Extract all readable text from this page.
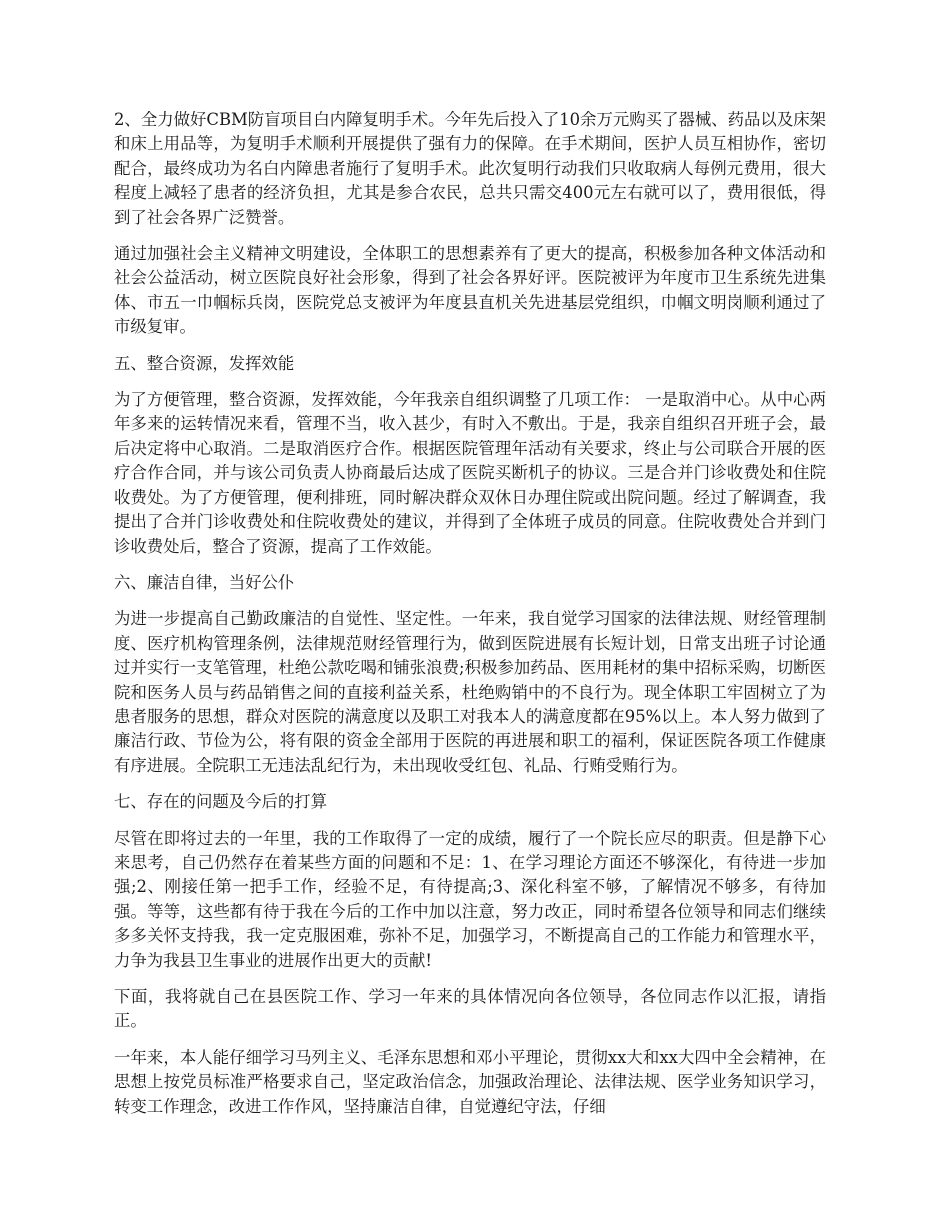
2、全力做好CBM防盲项目白内障复明手术。今年先后投入了10余万元购买了器械、药品以及床架和床上用品等，为复明手术顺利开展提供了强有力的保障。在手术期间，医护人员互相协作，密切配合，最终成功为名白内障患者施行了复明手术。此次复明行动我们只收取病人每例元费用，很大程度上减轻了患者的经济负担，尤其是参合农民，总共只需交400元左右就可以了，费用很低，得到了社会各界广泛赞誉。

通过加强社会主义精神文明建设，全体职工的思想素养有了更大的提高，积极参加各种文体活动和社会公益活动，树立医院良好社会形象，得到了社会各界好评。医院被评为年度市卫生系统先进集体、市五一巾帼标兵岗，医院党总支被评为年度县直机关先进基层党组织，巾帼文明岗顺利通过了市级复审。

五、整合资源，发挥效能

为了方便管理，整合资源，发挥效能，今年我亲自组织调整了几项工作： 一是取消中心。从中心两年多来的运转情况来看，管理不当，收入甚少，有时入不敷出。于是，我亲自组织召开班子会，最后决定将中心取消。二是取消医疗合作。根据医院管理年活动有关要求，终止与公司联合开展的医疗合作合同，并与该公司负责人协商最后达成了医院买断机子的协议。三是合并门诊收费处和住院收费处。为了方便管理，便利排班，同时解决群众双休日办理住院或出院问题。经过了解调查，我提出了合并门诊收费处和住院收费处的建议，并得到了全体班子成员的同意。住院收费处合并到门诊收费处后，整合了资源，提高了工作效能。

六、廉洁自律，当好公仆

为进一步提高自己勤政廉洁的自觉性、坚定性。一年来，我自觉学习国家的法律法规、财经管理制度、医疗机构管理条例，法律规范财经管理行为，做到医院进展有长短计划，日常支出班子讨论通过并实行一支笔管理，杜绝公款吃喝和铺张浪费;积极参加药品、医用耗材的集中招标采购，切断医院和医务人员与药品销售之间的直接利益关系，杜绝购销中的不良行为。现全体职工牢固树立了为患者服务的思想，群众对医院的满意度以及职工对我本人的满意度都在95%以上。本人努力做到了廉洁行政、节俭为公，将有限的资金全部用于医院的再进展和职工的福利，保证医院各项工作健康有序进展。全院职工无违法乱纪行为，未出现收受红包、礼品、行贿受贿行为。

七、存在的问题及今后的打算

尽管在即将过去的一年里，我的工作取得了一定的成绩，履行了一个院长应尽的职责。但是静下心来思考，自己仍然存在着某些方面的问题和不足：1、在学习理论方面还不够深化，有待进一步加强;2、刚接任第一把手工作，经验不足，有待提高;3、深化科室不够，了解情况不够多，有待加强。等等，这些都有待于我在今后的工作中加以注意，努力改正，同时希望各位领导和同志们继续多多关怀支持我，我一定克服困难，弥补不足，加强学习，不断提高自己的工作能力和管理水平，力争为我县卫生事业的进展作出更大的贡献!

下面，我将就自己在县医院工作、学习一年来的具体情况向各位领导，各位同志作以汇报，请指正。

一年来，本人能仔细学习马列主义、毛泽东思想和邓小平理论，贯彻xx大和xx大四中全会精神，在思想上按党员标准严格要求自己，坚定政治信念，加强政治理论、法律法规、医学业务知识学习，转变工作理念，改进工作作风，坚持廉洁自律，自觉遵纪守法，仔细
